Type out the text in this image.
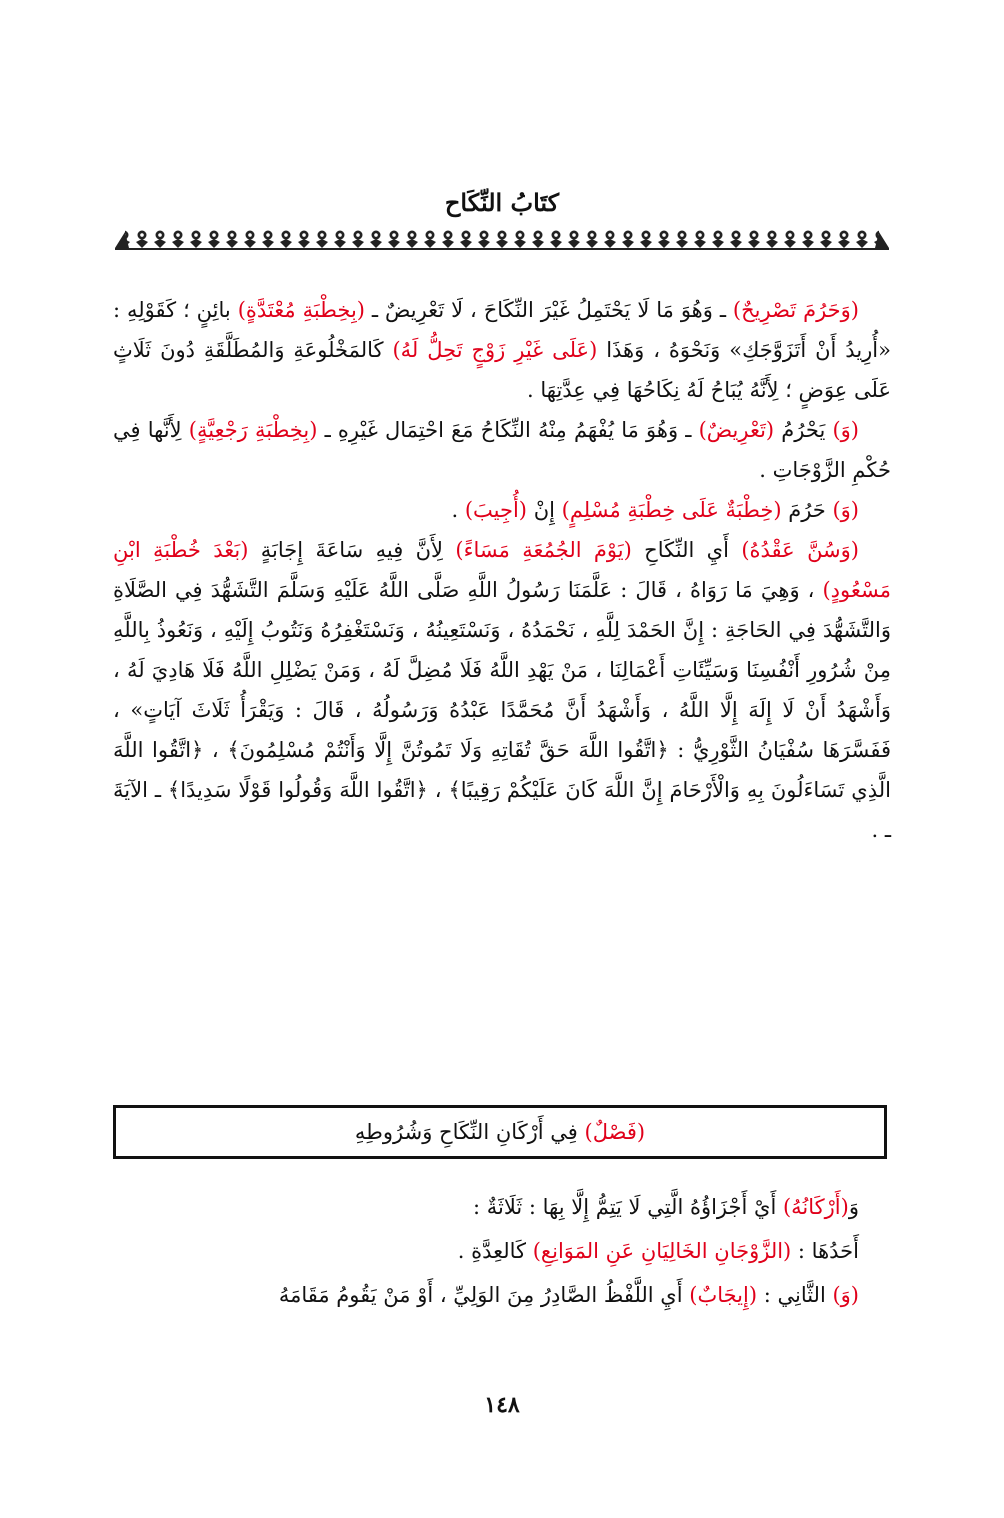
كتَابُ النِّكَاح

(وَحَرُمَ تَصْرِيحٌ) ـ وَهُوَ مَا لَا يَحْتَمِلُ غَيْرَ النِّكَاحَ ، لَا تَعْرِيضٌ ـ (بِخِطْبَةِ مُعْتَدَّةٍ) بائِنٍ ؛ كَقَوْلِهِ : «أُرِيدُ أَنْ أَتَزَوَّجَكِ» وَنَحْوَهُ ، وَهَذَا (عَلَى غَيْرِ زَوْجٍ تَحِلُّ لَهُ) كَالمَخْلُوعَةِ وَالمُطَلَّقَةِ دُونَ ثَلَاثٍ عَلَى عِوَضٍ ؛ لِأَنَّهُ يُبَاحُ لَهُ نِكَاحُهَا فِي عِدَّتِهَا .

(وَ) يَحْرُمُ (تَعْرِيضٌ) ـ وَهُوَ مَا يُفْهَمُ مِنْهُ النِّكَاحُ مَعَ احْتِمَال غَيْرِهِ ـ (بِخِطْبَةِ رَجْعِيَّةٍ) لِأَنَّها فِي حُكْمِ الزَّوْجَاتِ .

(وَ) حَرُمَ (خِطْبَةٌ عَلَى خِطْبَةِ مُسْلِمٍ) إِنْ (أُجِيبَ) .

(وَسُنَّ عَقْدُهُ) أَيِ النِّكَاحِ (يَوْمَ الجُمُعَةِ مَسَاءً) لِأَنَّ فِيهِ سَاعَةَ إِجَابَةٍ (بَعْدَ خُطْبَةِ ابْنِ مَسْعُودٍ) ، وَهِيَ مَا رَوَاهُ ، قَالَ : عَلَّمَنَا رَسُولُ اللَّهِ صَلَّى اللَّهُ عَلَيْهِ وَسَلَّمَ التَّشَهُّدَ فِي الصَّلَاةِ وَالتَّشَهُّدَ فِي الحَاجَةِ : إِنَّ الحَمْدَ لِلَّهِ ، نَحْمَدُهُ ، وَنَسْتَعِينُهُ ، وَنَسْتَغْفِرُهُ وَنَتُوبُ إِلَيْهِ ، وَنَعُوذُ بِاللَّهِ مِنْ شُرُورِ أَنْفُسِنَا وَسَيِّئَاتِ أَعْمَالِنَا ، مَنْ يَهْدِ اللَّهُ فَلَا مُضِلَّ لَهُ ، وَمَنْ يَضْلِلِ اللَّهُ فَلَا هَادِيَ لَهُ ، وَأَشْهَدُ أَنْ لَا إِلَهَ إِلَّا اللَّهُ ، وَأَشْهَدُ أَنَّ مُحَمَّدًا عَبْدُهُ وَرَسُولُهُ ، قَالَ : وَيَقْرَأُ ثَلَاثَ آيَاتٍ» ، فَفَسَّرَهَا سُفْيَانُ الثَّوْرِيُّ : ﴿اتَّقُوا اللَّهَ حَقَّ تُقَاتِهِ وَلَا تَمُوتُنَّ إِلَّا وَأَنْتُمْ مُسْلِمُونَ﴾ ، ﴿اتَّقُوا اللَّهَ الَّذِي تَسَاءَلُونَ بِهِ وَالْأَرْحَامَ إِنَّ اللَّهَ كَانَ عَلَيْكُمْ رَقِيبًا﴾ ، ﴿اتَّقُوا اللَّهَ وَقُولُوا قَوْلًا سَدِيدًا﴾ ـ الآيَةَ ـ .

(فَصْلٌ) فِي أَرْكَانِ النِّكَاحِ وَشُرُوطِهِ

وَ(أَرْكَانُهُ) أَيْ أَجْزَاؤُهُ الَّتِي لَا يَتِمُّ إِلَّا بِهَا : ثَلَاثَةٌ :

أَحَدُهَا : (الزَّوْجَانِ الخَالِيَانِ عَنِ المَوَانِعِ) كَالعِدَّةِ .

(وَ) الثَّانِي : (إِيجَابٌ) أَيِ اللَّفْظُ الصَّادِرُ مِنَ الوَلِيِّ ، أَوْ مَنْ يَقُومُ مَقَامَهُ

١٤٨
